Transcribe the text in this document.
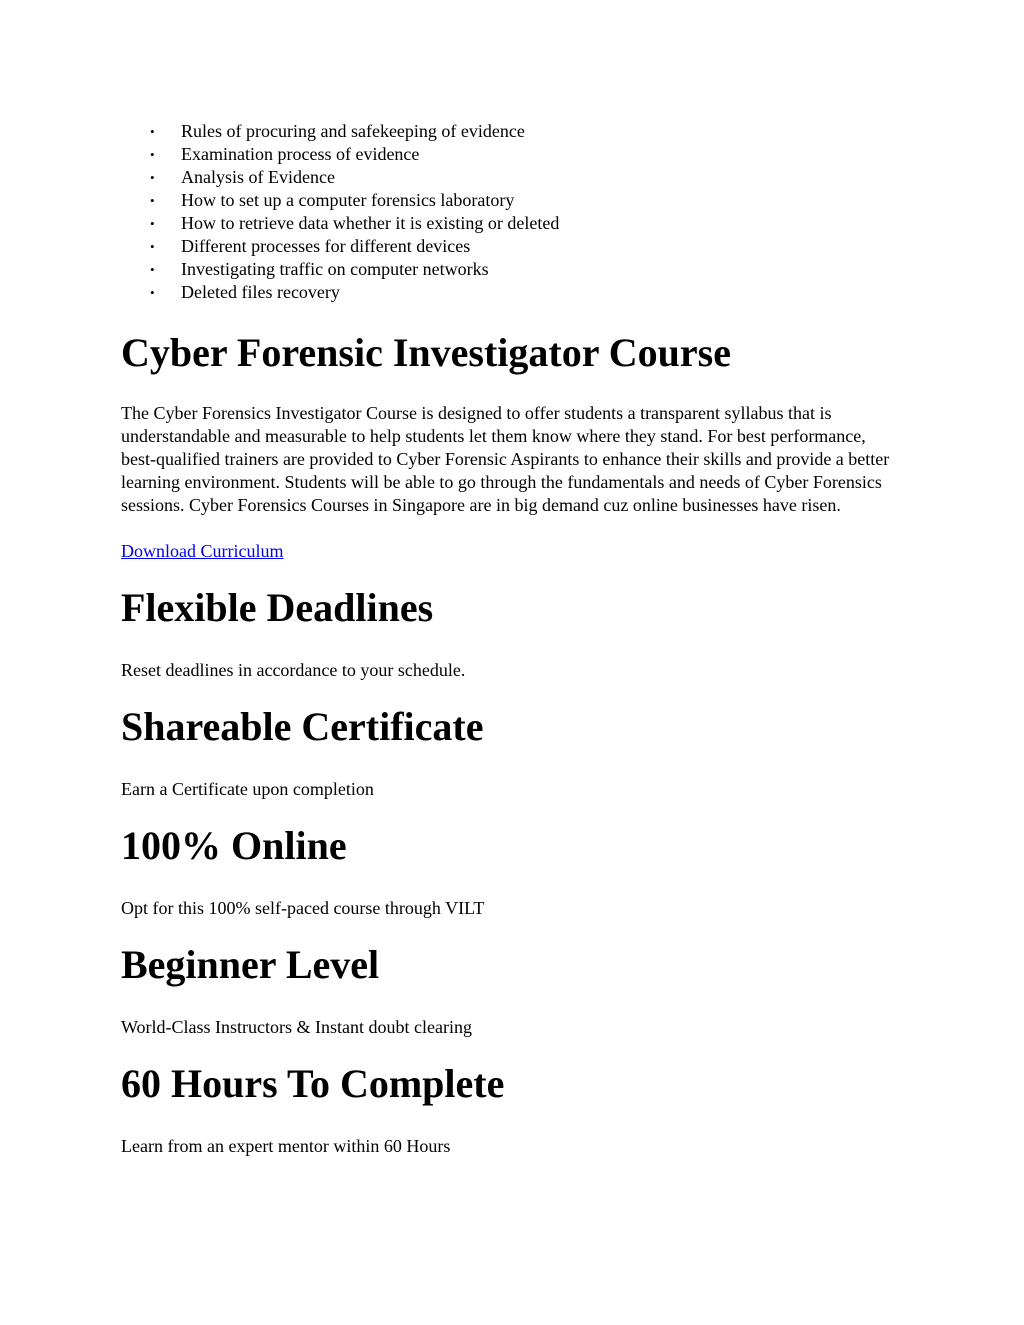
• Rules of procuring and safekeeping of evidence
• Examination process of evidence
• Analysis of Evidence
• How to set up a computer forensics laboratory
• How to retrieve data whether it is existing or deleted
• Different processes for different devices
• Investigating traffic on computer networks
• Deleted files recovery
Cyber Forensic Investigator Course

The Cyber Forensics Investigator Course is designed to offer students a transparent syllabus that is understandable and measurable to help students let them know where they stand. For best performance, best-qualified trainers are provided to Cyber Forensic Aspirants to enhance their skills and provide a better learning environment. Students will be able to go through the fundamentals and needs of Cyber Forensics sessions. Cyber Forensics Courses in Singapore are in big demand cuz online businesses have risen.

Download Curriculum

Flexible Deadlines

Reset deadlines in accordance to your schedule.

Shareable Certificate

Earn a Certificate upon completion

100% Online

Opt for this 100% self-paced course through VILT

Beginner Level

World-Class Instructors & Instant doubt clearing

60 Hours To Complete

Learn from an expert mentor within 60 Hours
